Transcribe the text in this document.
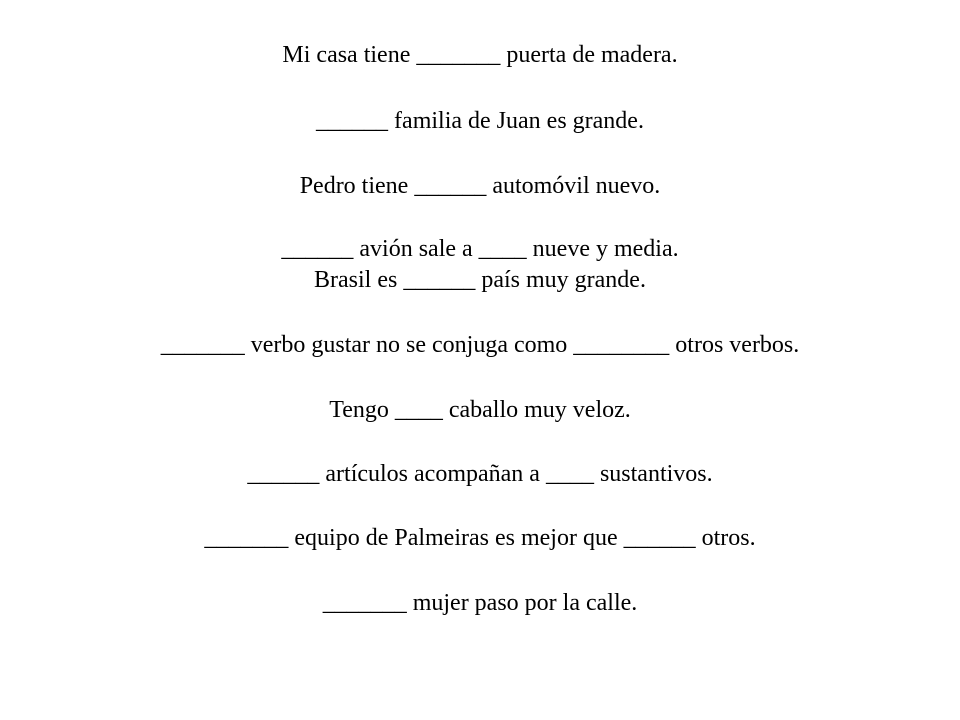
Mi casa tiene _______ puerta de madera.
______ familia de Juan es grande.
Pedro tiene ______ automóvil nuevo.
______ avión sale a ____ nueve y media.
Brasil es ______ país muy grande.
_______ verbo gustar no se conjuga como ________ otros verbos.
Tengo ____ caballo muy veloz.
______ artículos acompañan a ____ sustantivos.
_______ equipo de Palmeiras es mejor que ______ otros.
_______ mujer paso por la calle.
